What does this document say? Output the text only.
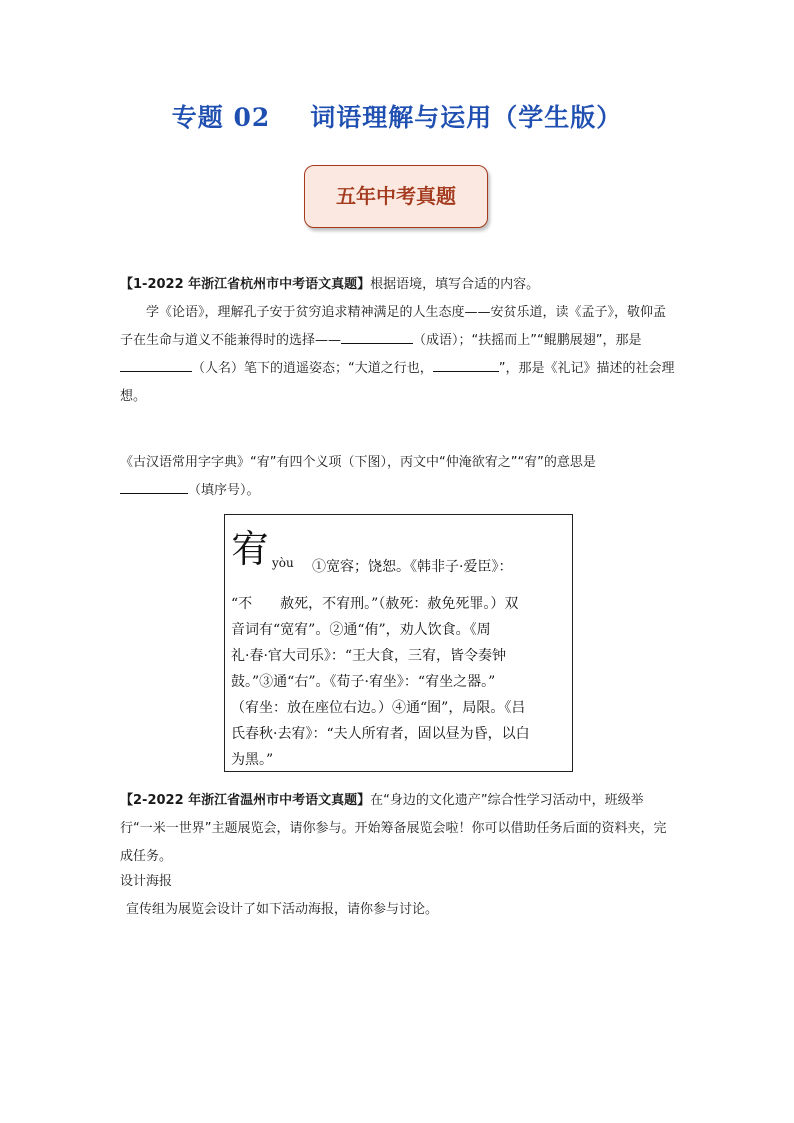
专题 02 词语理解与运用（学生版）
五年中考真题
【1-2022 年浙江省杭州市中考语文真题】根据语境，填写合适的内容。
学《论语》，理解孔子安于贫穷追求精神满足的人生态度——安贫乐道，读《孟子》，敬仰孟子在生命与道义不能兼得时的选择——	（成语）；“扶摇而上”“鲲鹏展翅”，那是（人名）笔下的逍遥姿态；“大道之行也，	”，那是《礼记》描述的社会理想。
《古汉语常用字字典》“宥”有四个义项（下图），丙文中“仲淹欲宥之”“宥”的意思是
（填序号）。
宥 yòu ①宽容；饶恕。《韩非子·爱臣》：
“不　　赦死，不宥刑。”（赦死：赦免死罪。）双
音词有“宽宥”。②通“侑”，劝人饮食。《周
礼·春·官大司乐》：“王大食，三宥，皆令奏钟
鼓。”③通“右”。《荀子·宥坐》：“宥坐之器。”
（宥坐：放在座位右边。）④通“囿”，局限。《吕
氏春秋·去宥》：“夫人所宥者，固以昼为昏，以白
为黑。”
【2-2022 年浙江省温州市中考语文真题】在“身边的文化遗产”综合性学习活动中，班级举行“一米一世界”主题展览会，请你参与。开始筹备展览会啦！你可以借助任务后面的资料夹，完成任务。
设计海报
宣传组为展览会设计了如下活动海报，请你参与讨论。
